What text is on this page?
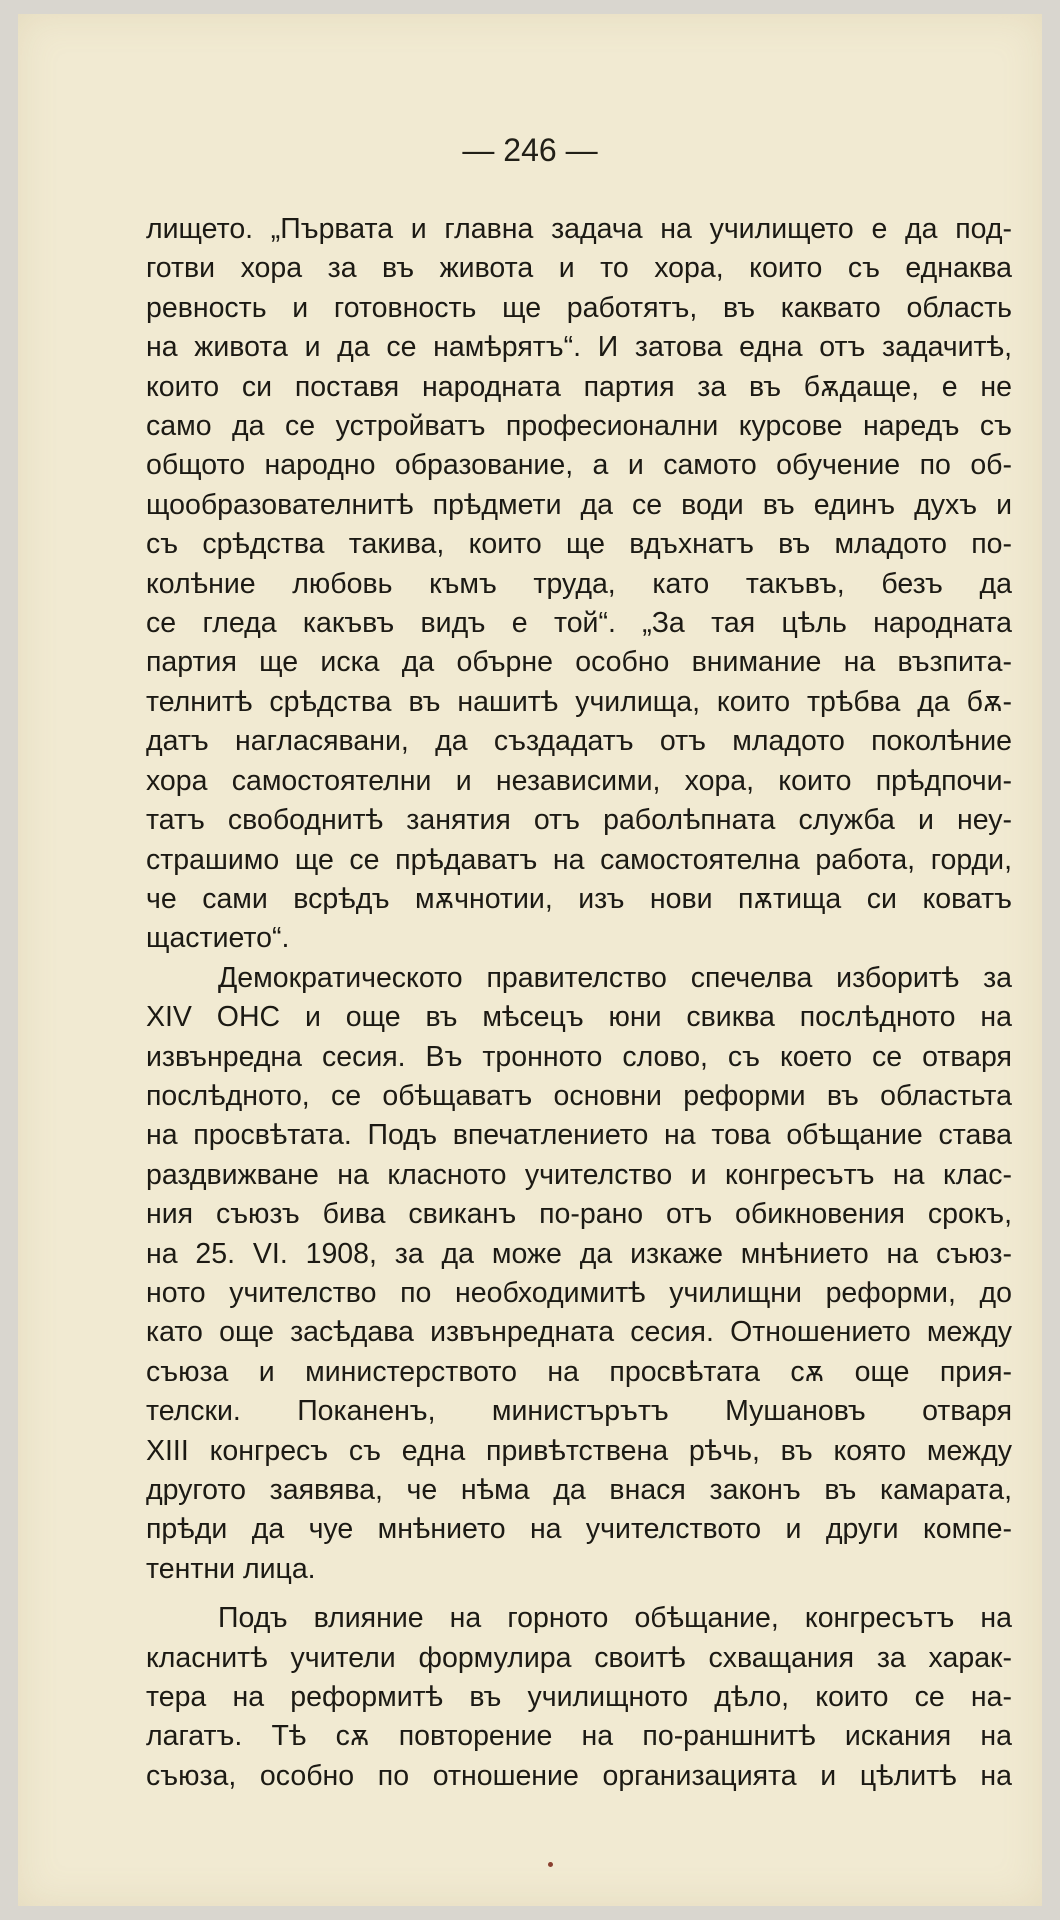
— 246 —

лището. „Първата и главна задача на училището е да под-
готви хора за въ живота и то хора, които съ еднаква
ревность и готовность ще работятъ, въ каквато область
на живота и да се намѣрятъ“. И затова една отъ задачитѣ,
които си поставя народната партия за въ бѫдаще, е не
само да се устройватъ професионални курсове наредъ съ
общото народно образование, а и самото обучение по об-
щообразователнитѣ прѣдмети да се води въ единъ духъ и
съ срѣдства такива, които ще вдъхнатъ въ младото по-
колѣние любовь къмъ труда, като такъвъ, безъ да
се гледа какъвъ видъ е той“. „За тая цѣль народната
партия ще иска да обърне особно внимание на възпита-
телнитѣ срѣдства въ нашитѣ училища, които трѣбва да бѫ-
датъ нагласявани, да създадатъ отъ младото поколѣние
хора самостоятелни и независими, хора, които прѣдпочи-
татъ свободнитѣ занятия отъ раболѣпната служба и неу-
страшимо ще се прѣдаватъ на самостоятелна работа, горди,
че сами всрѣдъ мѫчнотии, изъ нови пѫтища си коватъ
щастието“.

Демократическото правителство спечелва изборитѣ за
XIV ОНС и още въ мѣсецъ юни свиква послѣдното на
извънредна сесия. Въ тронното слово, съ което се отваря
послѣдното, се обѣщаватъ основни реформи въ областьта
на просвѣтата. Подъ впечатлението на това обѣщание става
раздвижване на класното учителство и конгресътъ на клас-
ния съюзъ бива свиканъ по-рано отъ обикновения срокъ,
на 25. VI. 1908, за да може да изкаже мнѣнието на съюз-
ното учителство по необходимитѣ училищни реформи, до
като още засѣдава извънредната сесия. Отношението между
съюза и министерството на просвѣтата сѫ още прия-
телски. Поканенъ, министърътъ Мушановъ отваря
XIII конгресъ съ една привѣтствена рѣчь, въ която между
другото заявява, че нѣма да внася законъ въ камарата,
прѣди да чуе мнѣнието на учителството и други компе-
тентни лица.

Подъ влияние на горното обѣщание, конгресътъ на
класнитѣ учители формулира своитѣ схващания за харак-
тера на реформитѣ въ училищното дѣло, които се на-
лагатъ. Тѣ сѫ повторение на по-раншнитѣ искания на
съюза, особно по отношение организацията и цѣлитѣ на
